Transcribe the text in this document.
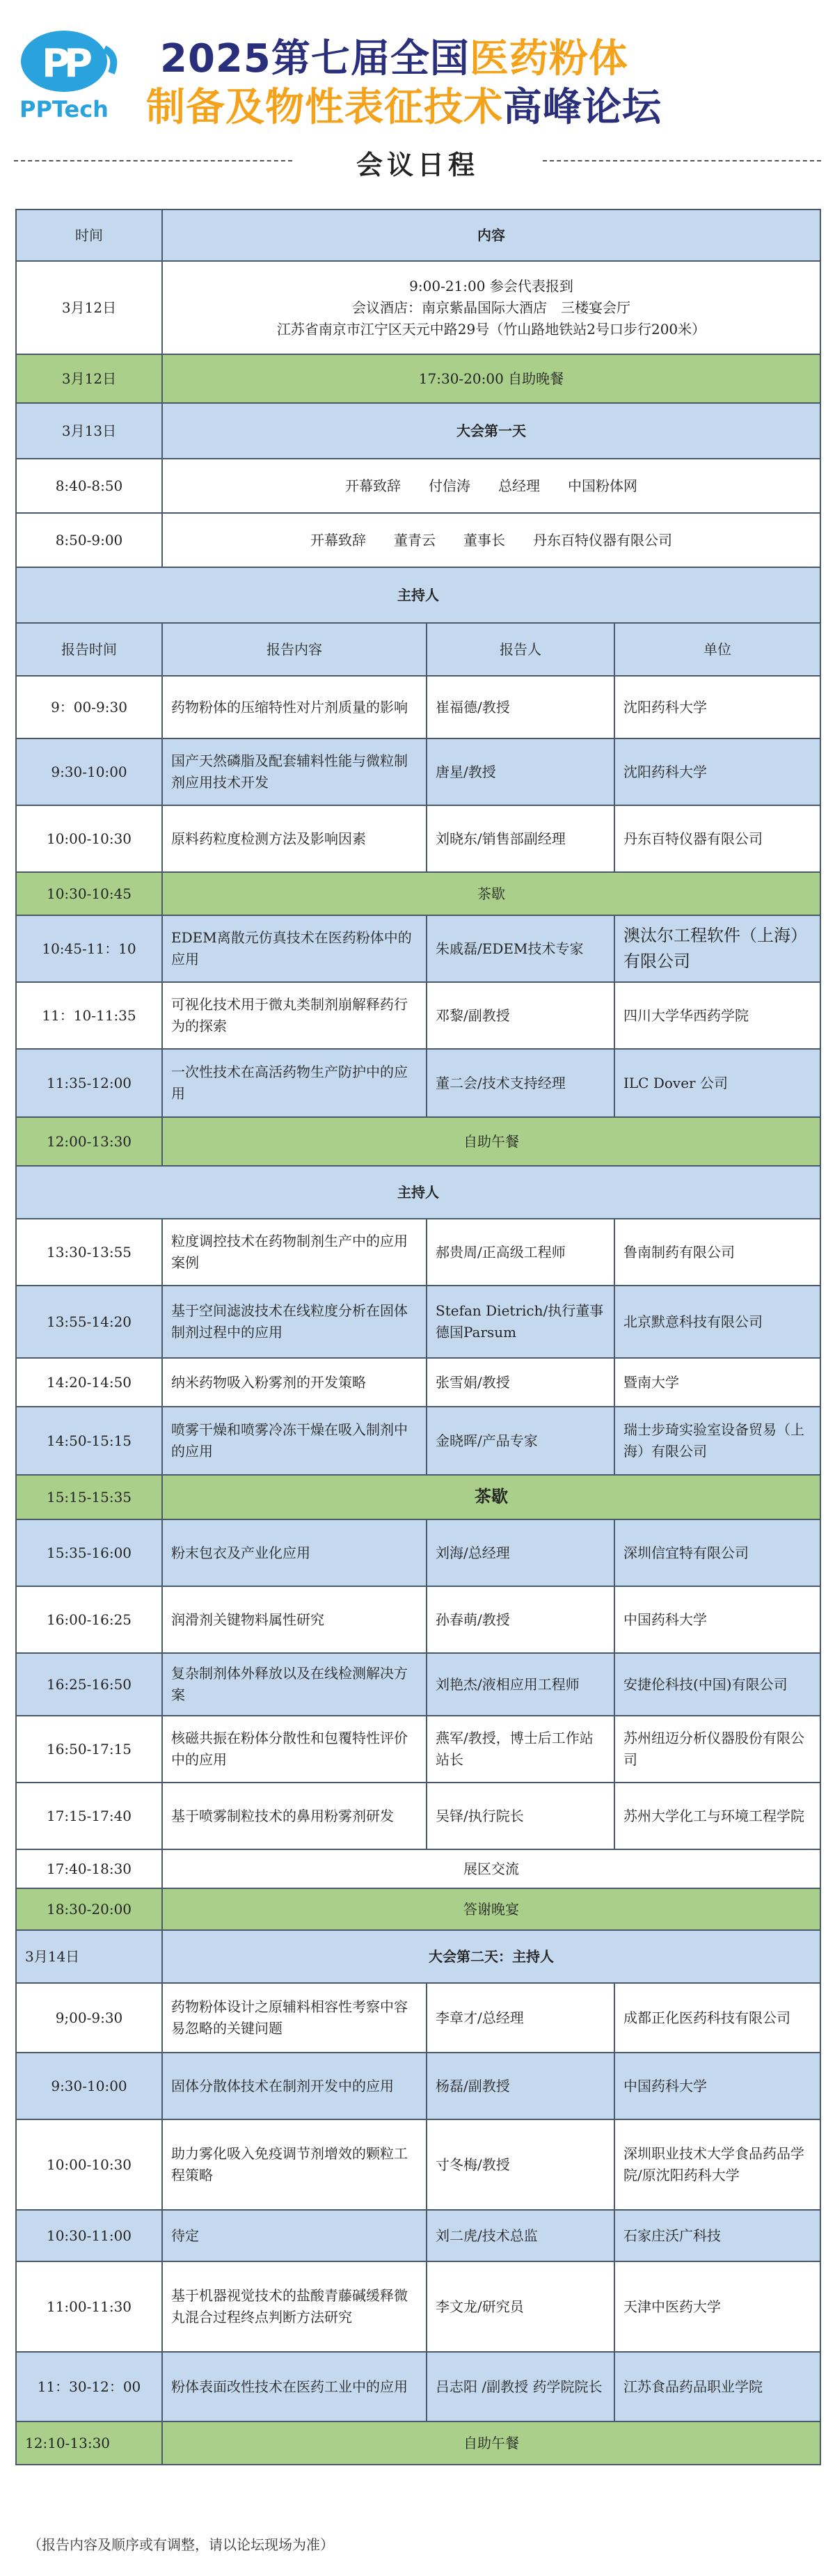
P
P
PPTech
2025第七届全国医药粉体
制备及物性表征技术高峰论坛
会议日程
时间	内容		
3月12日	9:00-21:00 参会代表报到
会议酒店：南京紫晶国际大酒店　三楼宴会厅
江苏省南京市江宁区天元中路29号（竹山路地铁站2号口步行200米）		

3月12日	17:30-20:00 自助晚餐		
3月13日	大会第一天		
8:40-8:50	开幕致辞　　付信涛　　总经理　　中国粉体网		
8:50-9:00	开幕致辞　　董青云　　董事长　　丹东百特仪器有限公司		
主持人			
报告时间	报告内容	报告人	单位
9：00-9:30	药物粉体的压缩特性对片剂质量的影响	崔福德/教授	沈阳药科大学
9:30-10:00	国产天然磷脂及配套辅料性能与微粒制剂应用技术开发	唐星/教授	沈阳药科大学
10:00-10:30	原料药粒度检测方法及影响因素	刘晓东/销售部副经理	丹东百特仪器有限公司
10:30-10:45	茶歇		
10:45-11：10	EDEM离散元仿真技术在医药粉体中的应用	朱戚磊/EDEM技术专家	澳汰尔工程软件（上海）有限公司
11：10-11:35	可视化技术用于微丸类制剂崩解释药行为的探索	邓黎/副教授	四川大学华西药学院
11:35-12:00	一次性技术在高活药物生产防护中的应用	董二会/技术支持经理	ILC Dover 公司
12:00-13:30	自助午餐		
主持人			
13:30-13:55	粒度调控技术在药物制剂生产中的应用案例	郝贵周/正高级工程师	鲁南制药有限公司
13:55-14:20	基于空间滤波技术在线粒度分析在固体制剂过程中的应用	Stefan Dietrich/执行董事 德国Parsum	北京默意科技有限公司
14:20-14:50	纳米药物吸入粉雾剂的开发策略	张雪娟/教授	暨南大学
14:50-15:15	喷雾干燥和喷雾冷冻干燥在吸入制剂中的应用	金晓晖/产品专家	瑞士步琦实验室设备贸易（上海）有限公司
15:15-15:35	茶歇		
15:35-16:00	粉末包衣及产业化应用	刘海/总经理	深圳信宜特有限公司
16:00-16:25	润滑剂关键物料属性研究	孙春萌/教授	中国药科大学
16:25-16:50	复杂制剂体外释放以及在线检测解决方案	刘艳杰/液相应用工程师	安捷伦科技(中国)有限公司
16:50-17:15	核磁共振在粉体分散性和包覆特性评价中的应用	燕军/教授，博士后工作站站长	苏州纽迈分析仪器股份有限公司
17:15-17:40	基于喷雾制粒技术的鼻用粉雾剂研发	吴铎/执行院长	苏州大学化工与环境工程学院
17:40-18:30	展区交流		
18:30-20:00	答谢晚宴		
3月14日	大会第二天：主持人		
9;00-9:30	药物粉体设计之原辅料相容性考察中容易忽略的关键问题	李章才/总经理	成都正化医药科技有限公司
9:30-10:00	固体分散体技术在制剂开发中的应用	杨磊/副教授	中国药科大学
10:00-10:30	助力雾化吸入免疫调节剂增效的颗粒工程策略	寸冬梅/教授	深圳职业技术大学食品药品学院/原沈阳药科大学
10:30-11:00	待定	刘二虎/技术总监	石家庄沃广科技
11:00-11:30	基于机器视觉技术的盐酸青藤碱缓释微丸混合过程终点判断方法研究	李文龙/研究员	天津中医药大学
11：30-12：00	粉体表面改性技术在医药工业中的应用	吕志阳 /副教授 药学院院长	江苏食品药品职业学院
12:10-13:30	自助午餐		
（报告内容及顺序或有调整，请以论坛现场为准）
